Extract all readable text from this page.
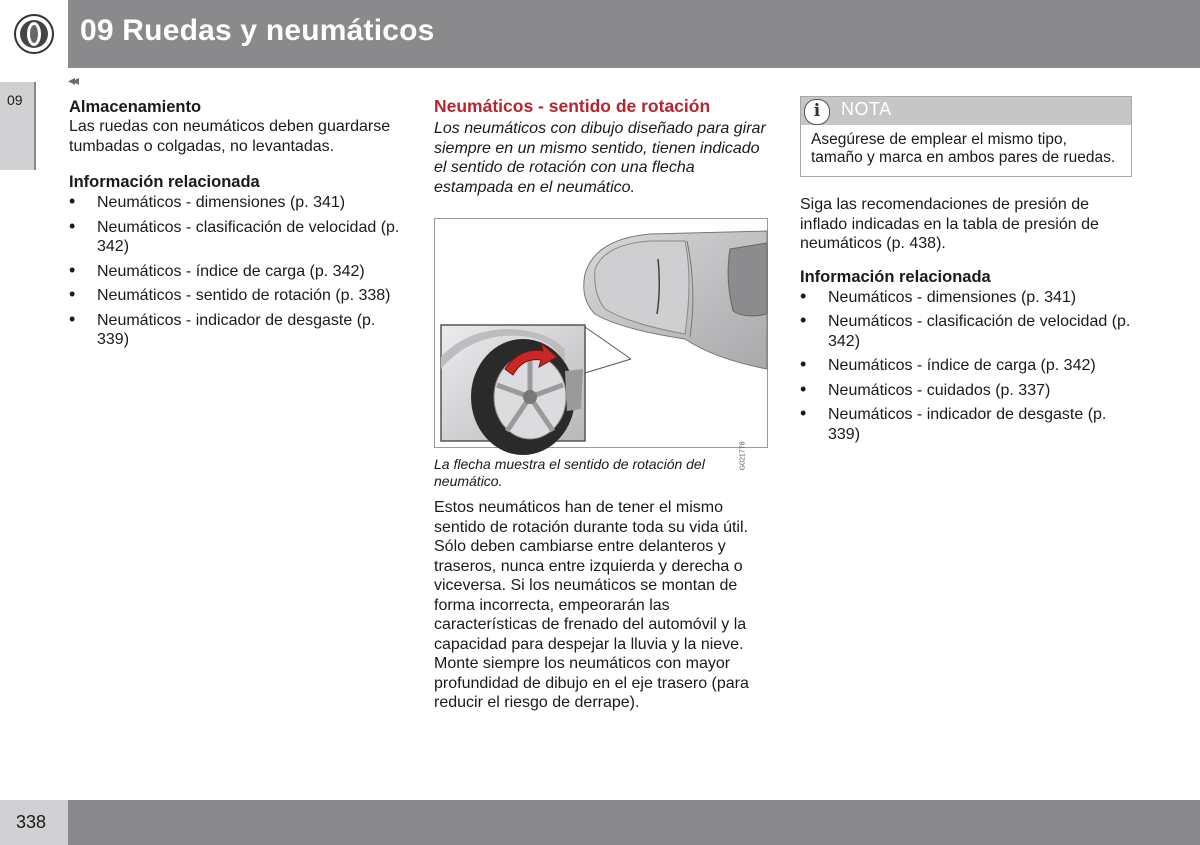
09 Ruedas y neumáticos
09
◂◂
Almacenamiento

Las ruedas con neumáticos deben guardarse tumbadas o colgadas, no levantadas.

Información relacionada
• Neumáticos - dimensiones (p. 341)
• Neumáticos - clasificación de velocidad (p. 342)
• Neumáticos - índice de carga (p. 342)
• Neumáticos - sentido de rotación (p. 338)
• Neumáticos - indicador de desgaste (p. 339)
Neumáticos - sentido de rotación

Los neumáticos con dibujo diseñado para girar siempre en un mismo sentido, tienen indicado el sentido de rotación con una flecha estampada en el neumático.

G021778

La flecha muestra el sentido de rotación del neumático.

Estos neumáticos han de tener el mismo sentido de rotación durante toda su vida útil. Sólo deben cambiarse entre delanteros y traseros, nunca entre izquierda y derecha o viceversa. Si los neumáticos se montan de forma incorrecta, empeorarán las características de frenado del automóvil y la capacidad para despejar la lluvia y la nieve. Monte siempre los neumáticos con mayor profundidad de dibujo en el eje trasero (para reducir el riesgo de derrape).

i	NOTA
Asegúrese de emplear el mismo tipo, tamaño y marca en ambos pares de ruedas.

Siga las recomendaciones de presión de inflado indicadas en la tabla de presión de neumáticos (p. 438).

Información relacionada
• Neumáticos - dimensiones (p. 341)
• Neumáticos - clasificación de velocidad (p. 342)
• Neumáticos - índice de carga (p. 342)
• Neumáticos - cuidados (p. 337)
• Neumáticos - indicador de desgaste (p. 339)
338
